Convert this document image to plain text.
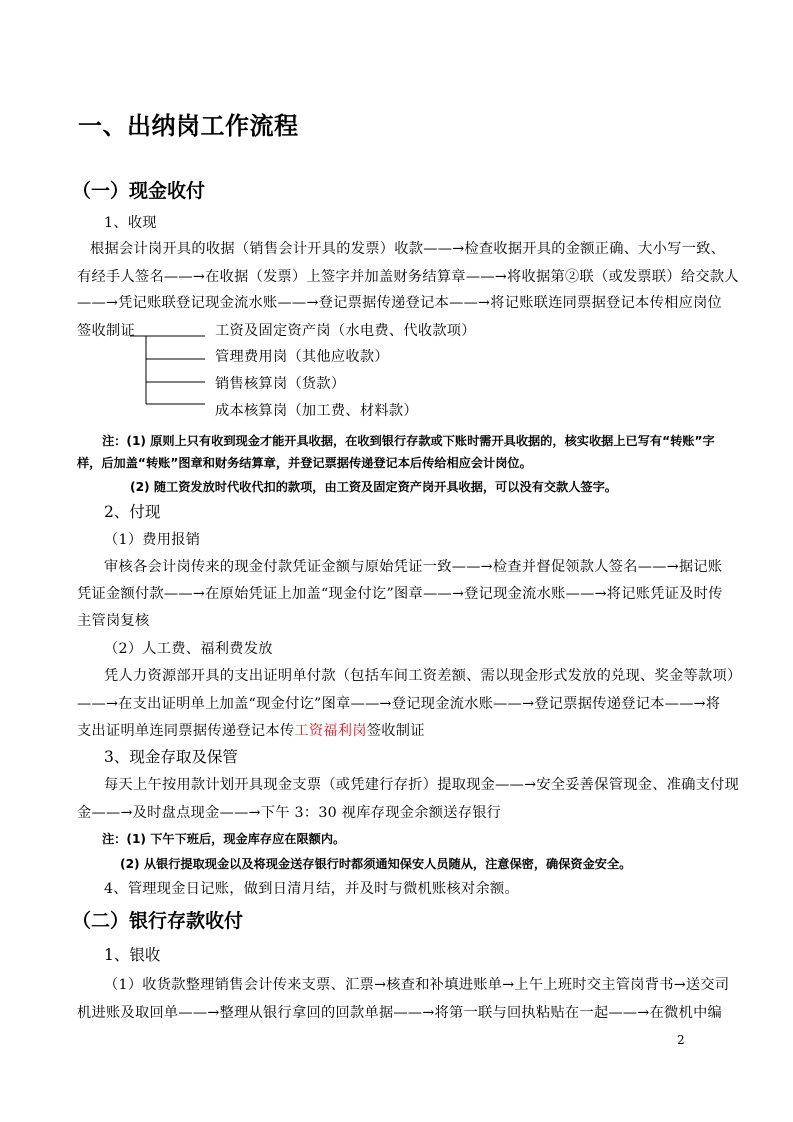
一、出纳岗工作流程
（一）现金收付
1、收现
根据会计岗开具的收据（销售会计开具的发票）收款——→检查收据开具的金额正确、大小写一致、
有经手人签名——→在收据（发票）上签字并加盖财务结算章——→将收据第②联（或发票联）给交款人
——→凭记账联登记现金流水账——→登记票据传递登记本——→将记账联连同票据登记本传相应岗位
签收制证	工资及固定资产岗（水电费、代收款项）
管理费用岗（其他应收款）
销售核算岗（货款）
成本核算岗（加工费、材料款）
注：(1) 原则上只有收到现金才能开具收据，在收到银行存款或下账时需开具收据的，核实收据上已写有“转账”字
样，后加盖“转账”图章和财务结算章，并登记票据传递登记本后传给相应会计岗位。
(2) 随工资发放时代收代扣的款项，由工资及固定资产岗开具收据，可以没有交款人签字。
2、付现
（1）费用报销
审核各会计岗传来的现金付款凭证金额与原始凭证一致——→检查并督促领款人签名——→据记账
凭证金额付款——→在原始凭证上加盖“现金付讫”图章——→登记现金流水账——→将记账凭证及时传
主管岗复核
（2）人工费、福利费发放
凭人力资源部开具的支出证明单付款（包括车间工资差额、需以现金形式发放的兑现、奖金等款项）
——→在支出证明单上加盖“现金付讫”图章——→登记现金流水账——→登记票据传递登记本——→将
支出证明单连同票据传递登记本传工资福利岗签收制证
3、现金存取及保管
每天上午按用款计划开具现金支票（或凭建行存折）提取现金——→安全妥善保管现金、准确支付现
金——→及时盘点现金——→下午 3：30 视库存现金余额送存银行
注：(1) 下午下班后，现金库存应在限额内。
(2) 从银行提取现金以及将现金送存银行时都须通知保安人员随从，注意保密，确保资金安全。
4、管理现金日记账，做到日清月结，并及时与微机账核对余额。
（二）银行存款收付
1、银收
（1）收货款整理销售会计传来支票、汇票→核查和补填进账单→上午上班时交主管岗背书→送交司
机进账及取回单——→整理从银行拿回的回款单据——→将第一联与回执粘贴在一起——→在微机中编
2
